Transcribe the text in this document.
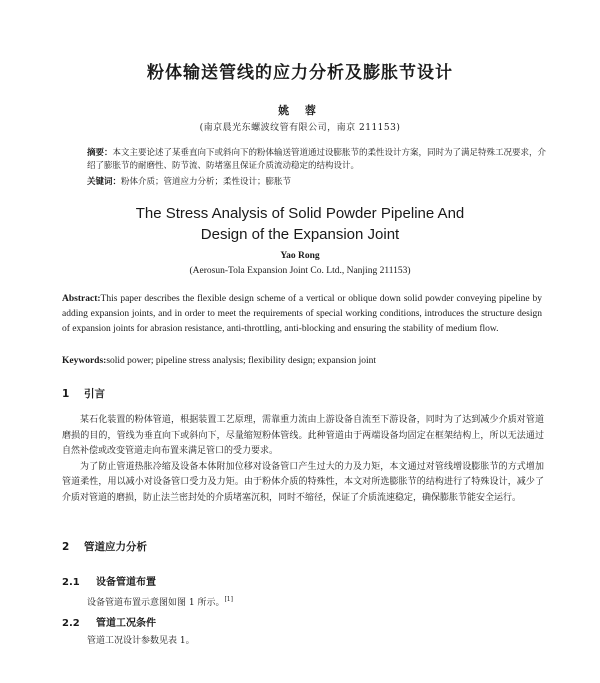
粉体输送管线的应力分析及膨胀节设计
姚 蓉
(南京晨光东螺波纹管有限公司，南京 211153)
摘要：本文主要论述了某垂直向下或斜向下的粉体输送管道通过设膨胀节的柔性设计方案，同时为了满足特殊工况要求，介绍了膨胀节的耐磨性、防节流、防堵塞且保证介质流动稳定的结构设计。
关键词：粉体介质；管道应力分析；柔性设计；膨胀节
The Stress Analysis of Solid Powder Pipeline And
Design of the Expansion Joint
Yao Rong
(Aerosun-Tola Expansion Joint Co. Ltd., Nanjing 211153)
Abstract:This paper describes the flexible design scheme of a vertical or oblique down solid powder conveying pipeline by adding expansion joints, and in order to meet the requirements of special working conditions, introduces the structure design of expansion joints for abrasion resistance, anti-throttling, anti-blocking and ensuring the stability of medium flow.
Keywords:solid power; pipeline stress analysis; flexibility design; expansion joint
1 引言

某石化装置的粉体管道，根据装置工艺原理，需靠重力流由上游设备自流至下游设备，同时为了达到减少介质对管道磨损的目的，管线为垂直向下或斜向下，尽量缩短粉体管线。此种管道由于两端设备均固定在框架结构上，所以无法通过自然补偿或改变管道走向布置来满足管口的受力要求。

为了防止管道热胀冷缩及设备本体附加位移对设备管口产生过大的力及力矩，本文通过对管线增设膨胀节的方式增加管道柔性，用以减小对设备管口受力及力矩。由于粉体介质的特殊性，本文对所选膨胀节的结构进行了特殊设计，减少了介质对管道的磨损，防止法兰密封处的介质堵塞沉积，同时不缩径，保证了介质流速稳定，确保膨胀节能安全运行。

2 管道应力分析
2.1 设备管道布置
设备管道布置示意图如图 1 所示。[1]
2.2 管道工况条件
管道工况设计参数见表 1。
